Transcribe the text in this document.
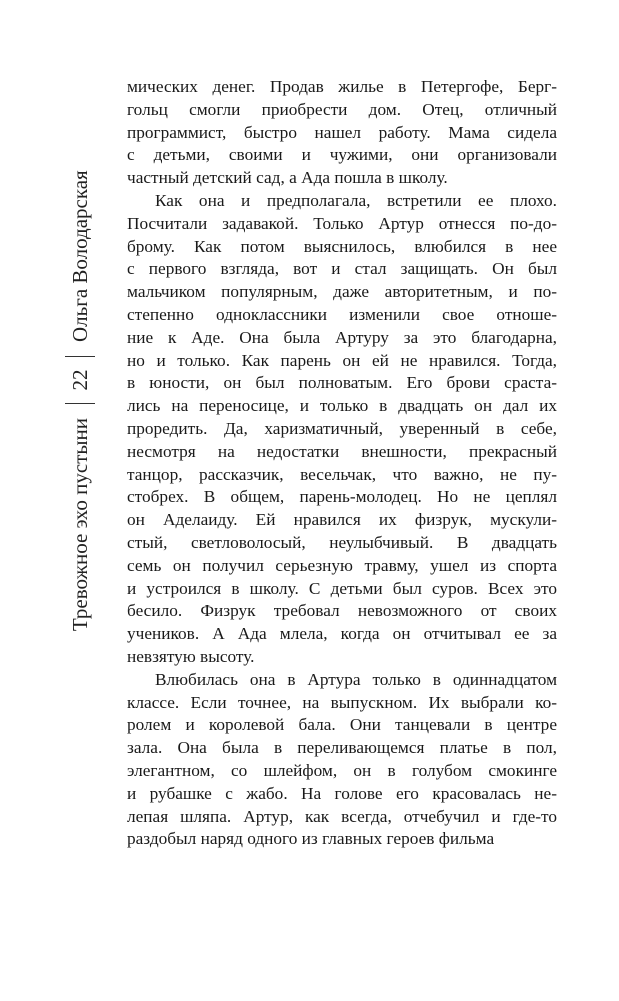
Тревожное эхо пустыни
22
Ольга Володарская

мических денег. Продав жилье в Петергофе, Берг-
гольц смогли приобрести дом. Отец, отличный
программист, быстро нашел работу. Мама сидела
с детьми, своими и чужими, они организовали
частный детский сад, а Ада пошла в школу.

Как она и предполагала, встретили ее плохо.
Посчитали задавакой. Только Артур отнесся по-до-
брому. Как потом выяснилось, влюбился в нее
с первого взгляда, вот и стал защищать. Он был
мальчиком популярным, даже авторитетным, и по-
степенно одноклассники изменили свое отноше-
ние к Аде. Она была Артуру за это благодарна,
но и только. Как парень он ей не нравился. Тогда,
в юности, он был полноватым. Его брови сраста-
лись на переносице, и только в двадцать он дал их
проредить. Да, харизматичный, уверенный в себе,
несмотря на недостатки внешности, прекрасный
танцор, рассказчик, весельчак, что важно, не пу-
стобрех. В общем, парень-молодец. Но не цеплял
он Аделаиду. Ей нравился их физрук, мускули-
стый, светловолосый, неулыбчивый. В двадцать
семь он получил серьезную травму, ушел из спорта
и устроился в школу. С детьми был суров. Всех это
бесило. Физрук требовал невозможного от своих
учеников. А Ада млела, когда он отчитывал ее за
невзятую высоту.

Влюбилась она в Артура только в одиннадцатом
классе. Если точнее, на выпускном. Их выбрали ко-
ролем и королевой бала. Они танцевали в центре
зала. Она была в переливающемся платье в пол,
элегантном, со шлейфом, он в голубом смокинге
и рубашке с жабо. На голове его красовалась не-
лепая шляпа. Артур, как всегда, отчебучил и где-то
раздобыл наряд одного из главных героев фильма
